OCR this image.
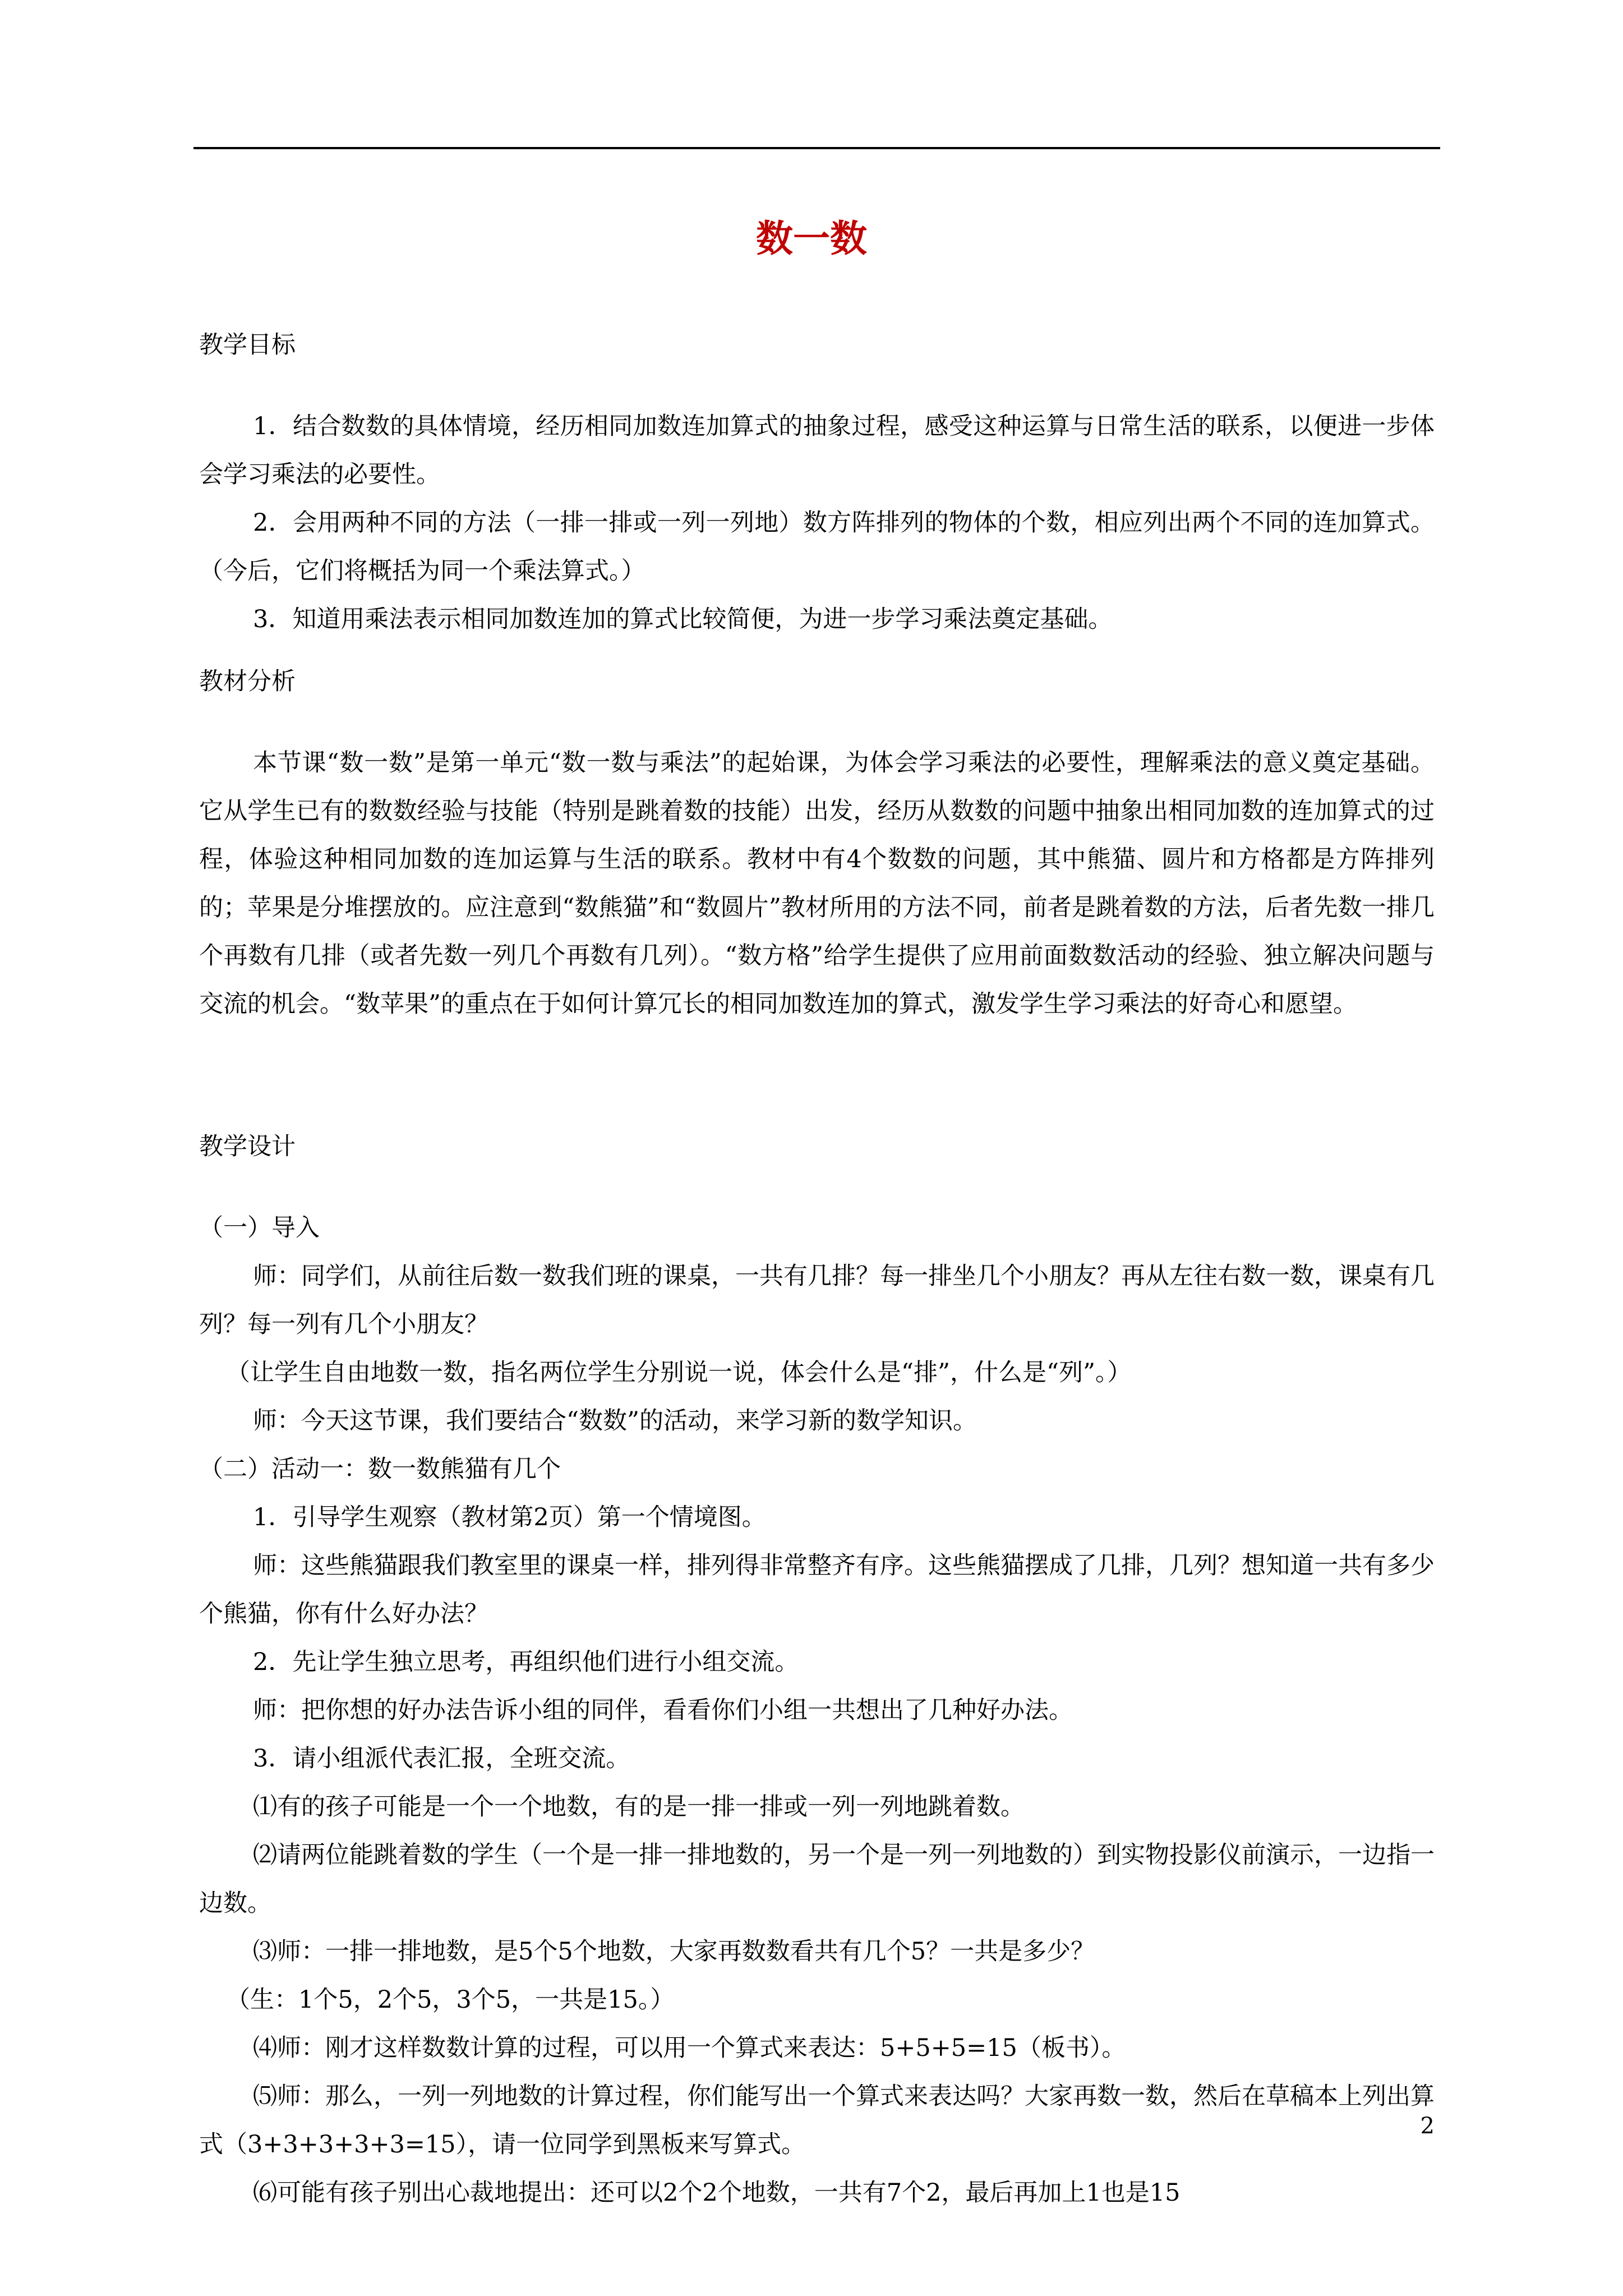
数一数
教学目标
1．结合数数的具体情境，经历相同加数连加算式的抽象过程，感受这种运算与日常生活的联系，以便进一步体会学习乘法的必要性。
2．会用两种不同的方法（一排一排或一列一列地）数方阵排列的物体的个数，相应列出两个不同的连加算式。（今后，它们将概括为同一个乘法算式。）
3．知道用乘法表示相同加数连加的算式比较简便，为进一步学习乘法奠定基础。
教材分析
本节课“数一数”是第一单元“数一数与乘法”的起始课，为体会学习乘法的必要性，理解乘法的意义奠定基础。它从学生已有的数数经验与技能（特别是跳着数的技能）出发，经历从数数的问题中抽象出相同加数的连加算式的过程，体验这种相同加数的连加运算与生活的联系。教材中有4个数数的问题，其中熊猫、圆片和方格都是方阵排列的；苹果是分堆摆放的。应注意到“数熊猫”和“数圆片”教材所用的方法不同，前者是跳着数的方法，后者先数一排几个再数有几排（或者先数一列几个再数有几列）。“数方格”给学生提供了应用前面数数活动的经验、独立解决问题与交流的机会。“数苹果”的重点在于如何计算冗长的相同加数连加的算式，激发学生学习乘法的好奇心和愿望。
教学设计
（一）导入
师：同学们，从前往后数一数我们班的课桌，一共有几排？每一排坐几个小朋友？再从左往右数一数，课桌有几列？每一列有几个小朋友？
（让学生自由地数一数，指名两位学生分别说一说，体会什么是“排”，什么是“列”。）
师：今天这节课，我们要结合“数数”的活动，来学习新的数学知识。
（二）活动一：数一数熊猫有几个
1．引导学生观察（教材第2页）第一个情境图。
师：这些熊猫跟我们教室里的课桌一样，排列得非常整齐有序。这些熊猫摆成了几排，几列？想知道一共有多少个熊猫，你有什么好办法？
2．先让学生独立思考，再组织他们进行小组交流。
师：把你想的好办法告诉小组的同伴，看看你们小组一共想出了几种好办法。
3．请小组派代表汇报，全班交流。
⑴有的孩子可能是一个一个地数，有的是一排一排或一列一列地跳着数。
⑵请两位能跳着数的学生（一个是一排一排地数的，另一个是一列一列地数的）到实物投影仪前演示，一边指一边数。
⑶师：一排一排地数，是5个5个地数，大家再数数看共有几个5？一共是多少？
（生：1个5，2个5，3个5，一共是15。）
⑷师：刚才这样数数计算的过程，可以用一个算式来表达：5+5+5=15（板书）。
⑸师：那么，一列一列地数的计算过程，你们能写出一个算式来表达吗？大家再数一数，然后在草稿本上列出算式（3+3+3+3+3=15），请一位同学到黑板来写算式。
⑹可能有孩子别出心裁地提出：还可以2个2个地数，一共有7个2，最后再加上1也是15
2
